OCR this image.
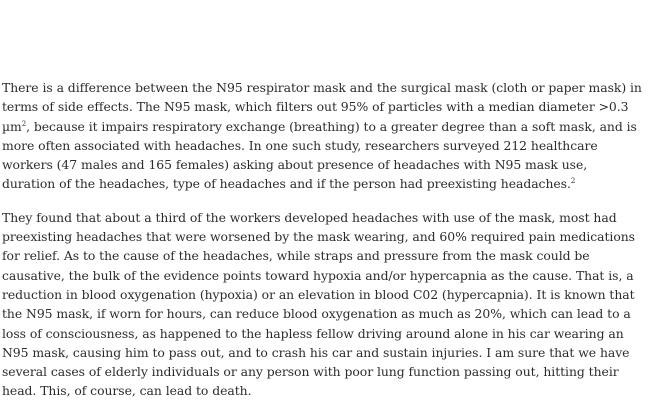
There is a difference between the N95 respirator mask and the surgical mask (cloth or paper mask) in terms of side effects. The N95 mask, which filters out 95% of particles with a median diameter >0.3 µm$^2$, because it impairs respiratory exchange (breathing) to a greater degree than a soft mask, and is more often associated with headaches. In one such study, researchers surveyed 212 healthcare workers (47 males and 165 females) asking about presence of headaches with N95 mask use, duration of the headaches, type of headaches and if the person had preexisting headaches.$^2$

They found that about a third of the workers developed headaches with use of the mask, most had preexisting headaches that were worsened by the mask wearing, and 60% required pain medications for relief. As to the cause of the headaches, while straps and pressure from the mask could be causative, the bulk of the evidence points toward hypoxia and/or hypercapnia as the cause. That is, a reduction in blood oxygenation (hypoxia) or an elevation in blood C02 (hypercapnia). It is known that the N95 mask, if worn for hours, can reduce blood oxygenation as much as 20%, which can lead to a loss of consciousness, as happened to the hapless fellow driving around alone in his car wearing an N95 mask, causing him to pass out, and to crash his car and sustain injuries. I am sure that we have several cases of elderly individuals or any person with poor lung function passing out, hitting their head. This, of course, can lead to death.
